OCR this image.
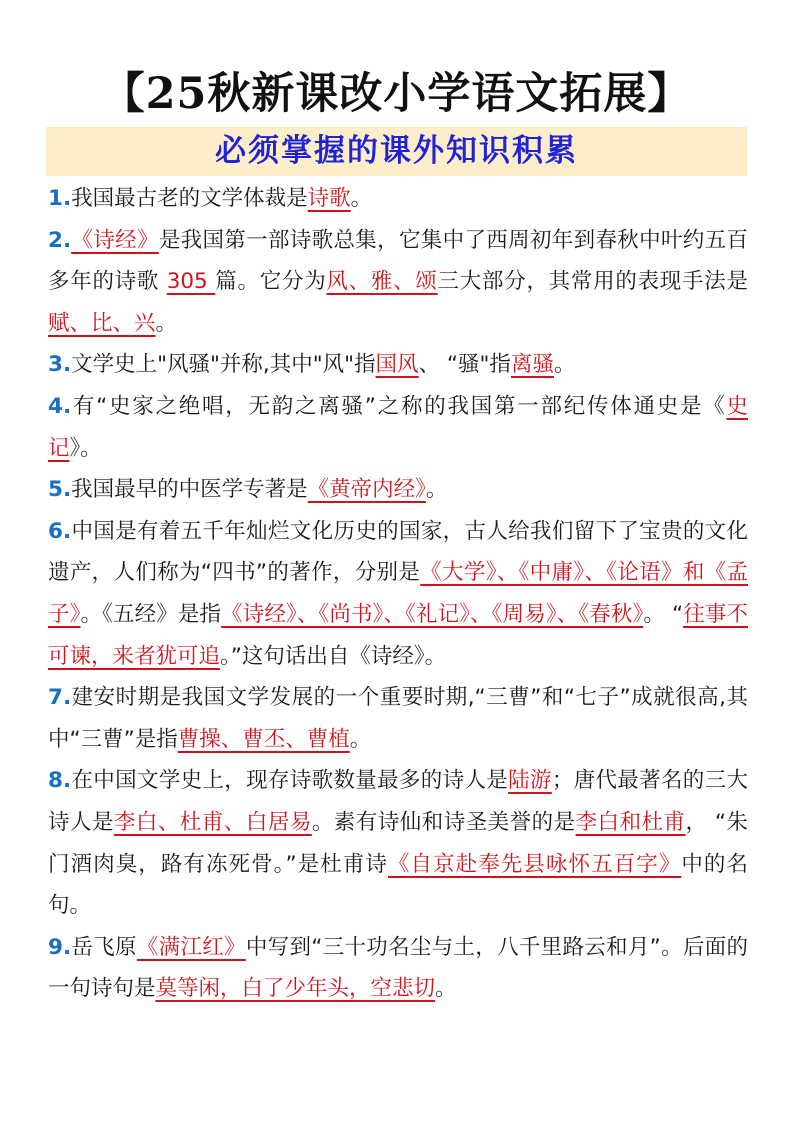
【25秋新课改小学语文拓展】
必须掌握的课外知识积累

1.我国最古老的文学体裁是诗歌。

2.《诗经》是我国第一部诗歌总集，它集中了西周初年到春秋中叶约五百多年的诗歌 305 篇。它分为风、雅、颂三大部分，其常用的表现手法是赋、比、兴。

3.文学史上"风骚"并称,其中"风"指国风、 “骚"指离骚。

4.有“史家之绝唱，无韵之离骚”之称的我国第一部纪传体通史是《史记》。

5.我国最早的中医学专著是《黄帝内经》。

6.中国是有着五千年灿烂文化历史的国家，古人给我们留下了宝贵的文化遗产，人们称为“四书”的著作，分别是《大学》、《中庸》、《论语》和《孟子》。《五经》是指《诗经》、《尚书》、《礼记》、《周易》、《春秋》。 “往事不可谏，来者犹可追。”这句话出自《诗经》。

7.建安时期是我国文学发展的一个重要时期,“三曹”和“七子”成就很高,其中“三曹”是指曹操、曹丕、曹植。

8.在中国文学史上，现存诗歌数量最多的诗人是陆游；唐代最著名的三大诗人是李白、杜甫、白居易。素有诗仙和诗圣美誉的是李白和杜甫， “朱门酒肉臭，路有冻死骨。”是杜甫诗《自京赴奉先县咏怀五百字》中的名句。

9.岳飞原《满江红》中写到“三十功名尘与土，八千里路云和月”。后面的一句诗句是莫等闲，白了少年头，空悲切。
